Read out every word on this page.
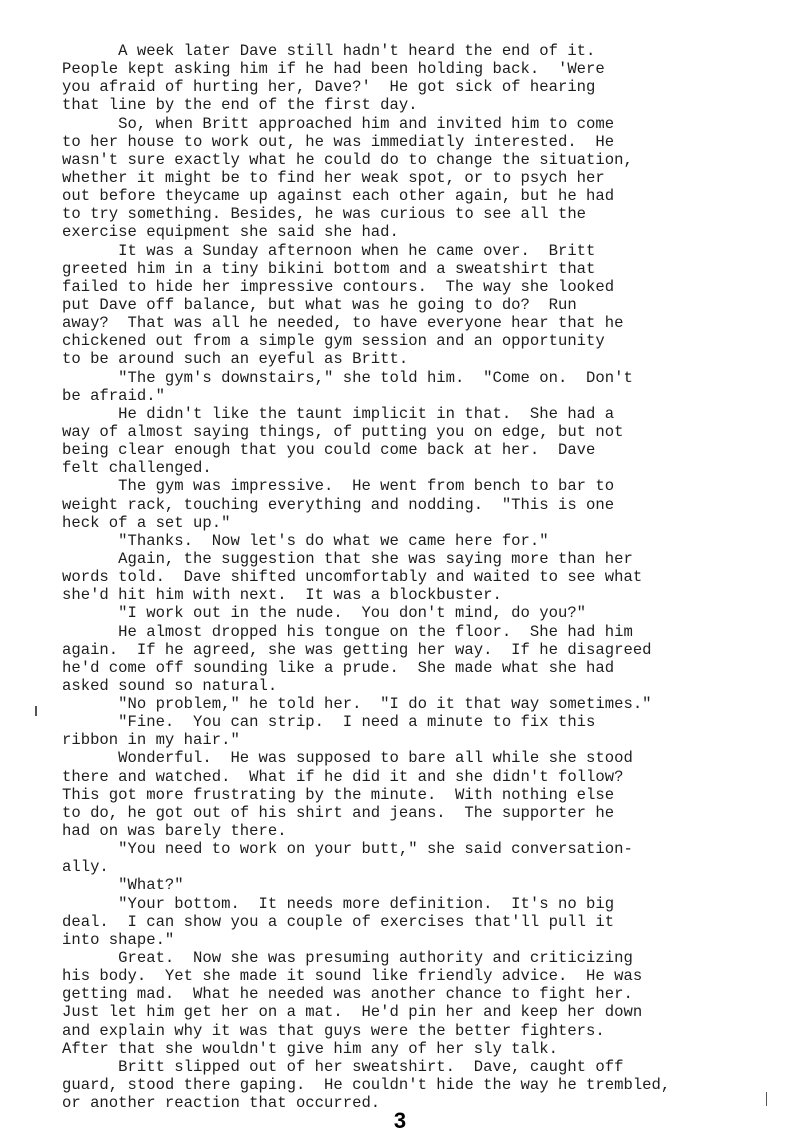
A week later Dave still hadn't heard the end of it.
People kept asking him if he had been holding back.  'Were
you afraid of hurting her, Dave?'  He got sick of hearing
that line by the end of the first day.
So, when Britt approached him and invited him to come
to her house to work out, he was immediatly interested.  He
wasn't sure exactly what he could do to change the situation,
whether it might be to find her weak spot, or to psych her
out before theycame up against each other again, but he had
to try something. Besides, he was curious to see all the
exercise equipment she said she had.
It was a Sunday afternoon when he came over.  Britt
greeted him in a tiny bikini bottom and a sweatshirt that
failed to hide her impressive contours.  The way she looked
put Dave off balance, but what was he going to do?  Run
away?  That was all he needed, to have everyone hear that he
chickened out from a simple gym session and an opportunity
to be around such an eyeful as Britt.
"The gym's downstairs," she told him.  "Come on.  Don't
be afraid."
He didn't like the taunt implicit in that.  She had a
way of almost saying things, of putting you on edge, but not
being clear enough that you could come back at her.  Dave
felt challenged.
The gym was impressive.  He went from bench to bar to
weight rack, touching everything and nodding.  "This is one
heck of a set up."
"Thanks.  Now let's do what we came here for."
Again, the suggestion that she was saying more than her
words told.  Dave shifted uncomfortably and waited to see what
she'd hit him with next.  It was a blockbuster.
"I work out in the nude.  You don't mind, do you?"
He almost dropped his tongue on the floor.  She had him
again.  If he agreed, she was getting her way.  If he disagreed
he'd come off sounding like a prude.  She made what she had
asked sound so natural.
"No problem," he told her.  "I do it that way sometimes."
"Fine.  You can strip.  I need a minute to fix this
ribbon in my hair."
Wonderful.  He was supposed to bare all while she stood
there and watched.  What if he did it and she didn't follow?
This got more frustrating by the minute.  With nothing else
to do, he got out of his shirt and jeans.  The supporter he
had on was barely there.
"You need to work on your butt," she said conversation-
ally.
"What?"
"Your bottom.  It needs more definition.  It's no big
deal.  I can show you a couple of exercises that'll pull it
into shape."
Great.  Now she was presuming authority and criticizing
his body.  Yet she made it sound like friendly advice.  He was
getting mad.  What he needed was another chance to fight her.
Just let him get her on a mat.  He'd pin her and keep her down
and explain why it was that guys were the better fighters.
After that she wouldn't give him any of her sly talk.
Britt slipped out of her sweatshirt.  Dave, caught off
guard, stood there gaping.  He couldn't hide the way he trembled,
or another reaction that occurred.
3
